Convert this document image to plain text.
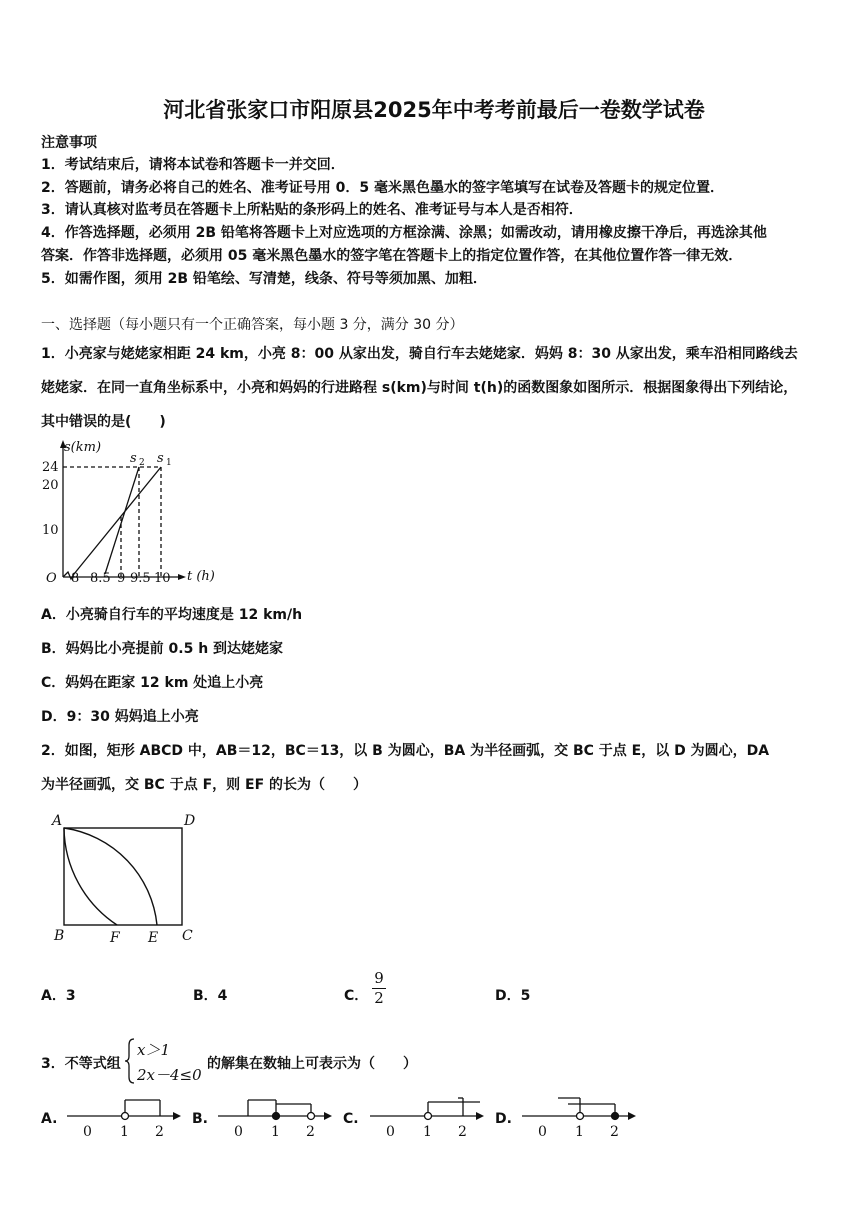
河北省张家口市阳原县2025年中考考前最后一卷数学试卷
注意事项
1．考试结束后，请将本试卷和答题卡一并交回．
2．答题前，请务必将自己的姓名、准考证号用 0．5 毫米黑色墨水的签字笔填写在试卷及答题卡的规定位置．
3．请认真核对监考员在答题卡上所粘贴的条形码上的姓名、准考证号与本人是否相符．
4．作答选择题，必须用 2B 铅笔将答题卡上对应选项的方框涂满、涂黑；如需改动，请用橡皮擦干净后，再选涂其他
答案．作答非选择题，必须用 05 毫米黑色墨水的签字笔在答题卡上的指定位置作答，在其他位置作答一律无效．
5．如需作图，须用 2B 铅笔绘、写清楚，线条、符号等须加黑、加粗．
一、选择题（每小题只有一个正确答案，每小题 3 分，满分 30 分）
1．小亮家与姥姥家相距 24 km，小亮 8：00 从家出发，骑自行车去姥姥家．妈妈 8：30 从家出发，乘车沿相同路线去
姥姥家．在同一直角坐标系中，小亮和妈妈的行进路程 s(km)与时间 t(h)的函数图象如图所示．根据图象得出下列结论，
其中错误的是(　　)
s(km)
t (h)
O
24
20
10
8 8.5 9 9.5 10
s 2 s 1
A．小亮骑自行车的平均速度是 12 km/h
B．妈妈比小亮提前 0.5 h 到达姥姥家
C．妈妈在距家 12 km 处追上小亮
D．9：30 妈妈追上小亮
2．如图，矩形 ABCD 中，AB＝12，BC＝13，以 B 为圆心，BA 为半径画弧，交 BC 于点 E，以 D 为圆心，DA
为半径画弧，交 BC 于点 F，则 EF 的长为（　　）
A	D
B	C
F E
A．3	B．4	C．
9
2	D．5
3．不等式组
x＞1
2x－4≤0
的解集在数轴上可表示为（　　）
A.
0 1 2
B.
0 1 2
C.
0 1 2
D.
0 1 2
